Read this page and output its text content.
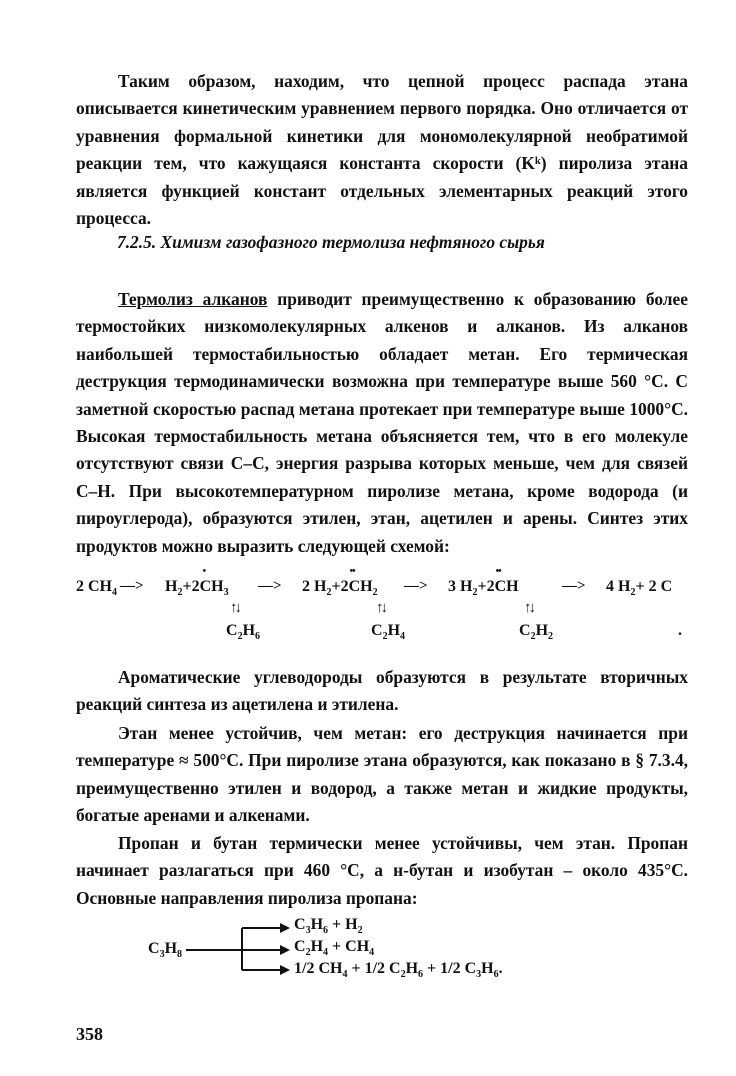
Таким образом, находим, что цепной процесс распада этана описывается кинетическим уравнением первого порядка. Оно отличается от уравнения формальной кинетики для мономолекулярной необратимой реакции тем, что кажущаяся константа скорости (Kᵏ) пиролиза этана является функцией констант отдельных элементарных реакций этого процесса.

7.2.5. Химизм газофазного термолиза нефтяного сырья

Термолиз алканов приводит преимущественно к образованию более термостойких низкомолекулярных алкенов и алканов. Из алканов наибольшей термостабильностью обладает метан. Его термическая деструкция термодинамически возможна при температуре выше 560 °С. С заметной скоростью распад метана протекает при температуре выше 1000°С. Высокая термостабильность метана объясняется тем, что в его молекуле отсутствуют связи С–С, энергия разрыва которых меньше, чем для связей С–Н. При высокотемпературном пиролизе метана, кроме водорода (и пироуглерода), образуются этилен, этан, ацетилен и арены. Синтез этих продуктов можно выразить следующей схемой:

2 $CH_4$ —> $H_2+2•$ $CH_3$ —> 2 $H_2+2••$ $CH_2$ —> 3 $H_2+2••$ CH	—> 4 $H_2+ 2$ C
↑↓	↑↓	↑↓
$C_2H_6$	$C_2H_4$	$C_2H_2$	.

Ароматические углеводороды образуются в результате вторичных реакций синтеза из ацетилена и этилена.

Этан менее устойчив, чем метан: его деструкция начинается при температуре ≈ 500°С. При пиролизе этана образуются, как показано в § 7.3.4, преимущественно этилен и водород, а также метан и жидкие продукты, богатые аренами и алкенами.

Пропан и бутан термически менее устойчивы, чем этан. Пропан начинает разлагаться при 460 °С, а н-бутан и изобутан – около 435°С. Основные направления пиролиза пропана:

$C_3H_8$
$C_3H_6 + H_2$
$C_2H_4 + CH_4$
1/2 $CH_4 + 1/2$ $C_2H_6 + 1/2$ $C_3H_6$.
358
